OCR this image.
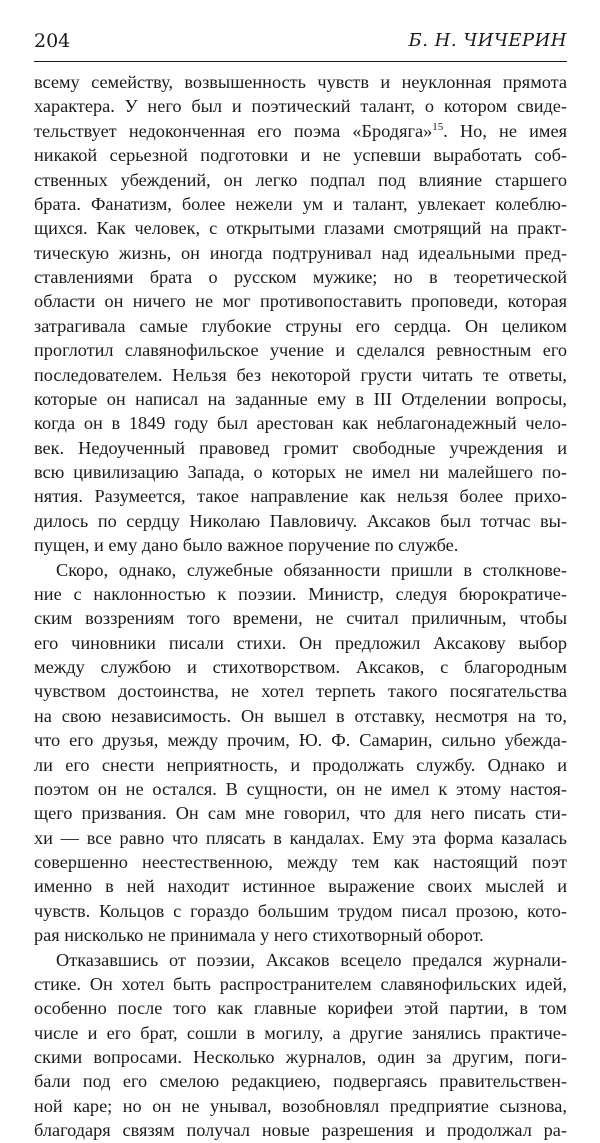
204	Б. Н. ЧИЧЕРИН
всему семейству, возвышенность чувств и неуклонная прямота
характера. У него был и поэтический талант, о котором свиде-
тельствует недоконченная его поэма «Бродяга»$^{15}$. Но, не имея
никакой серьезной подготовки и не успевши выработать соб-
ственных убеждений, он легко подпал под влияние старшего
брата. Фанатизм, более нежели ум и талант, увлекает колеблю-
щихся. Как человек, с открытыми глазами смотрящий на практ-
тическую жизнь, он иногда подтрунивал над идеальными пред-
ставлениями брата о русском мужике; но в теоретической
области он ничего не мог противопоставить проповеди, которая
затрагивала самые глубокие струны его сердца. Он целиком
проглотил славянофильское учение и сделался ревностным его
последователем. Нельзя без некоторой грусти читать те ответы,
которые он написал на заданные ему в III Отделении вопросы,
когда он в 1849 году был арестован как неблагонадежный чело-
век. Недоученный правовед громит свободные учреждения и
всю цивилизацию Запада, о которых не имел ни малейшего по-
нятия. Разумеется, такое направление как нельзя более прихо-
дилось по сердцу Николаю Павловичу. Аксаков был тотчас вы-
пущен, и ему дано было важное поручение по службе.
Скоро, однако, служебные обязанности пришли в столкнове-
ние с наклонностью к поэзии. Министр, следуя бюрократиче-
ским воззрениям того времени, не считал приличным, чтобы
его чиновники писали стихи. Он предложил Аксакову выбор
между службою и стихотворством. Аксаков, с благородным
чувством достоинства, не хотел терпеть такого посягательства
на свою независимость. Он вышел в отставку, несмотря на то,
что его друзья, между прочим, Ю. Ф. Самарин, сильно убежда-
ли его снести неприятность, и продолжать службу. Однако и
поэтом он не остался. В сущности, он не имел к этому настоя-
щего призвания. Он сам мне говорил, что для него писать сти-
хи — все равно что плясать в кандалах. Ему эта форма казалась
совершенно неестественною, между тем как настоящий поэт
именно в ней находит истинное выражение своих мыслей и
чувств. Кольцов с гораздо большим трудом писал прозою, кото-
рая нисколько не принимала у него стихотворный оборот.
Отказавшись от поэзии, Аксаков всецело предался журнали-
стике. Он хотел быть распространителем славянофильских идей,
особенно после того как главные корифеи этой партии, в том
числе и его брат, сошли в могилу, а другие занялись практиче-
скими вопросами. Несколько журналов, один за другим, поги-
бали под его смелою редакциею, подвергаясь правительствен-
ной каре; но он не унывал, возобновлял предприятие сызнова,
благодаря связям получал новые разрешения и продолжал ра-
